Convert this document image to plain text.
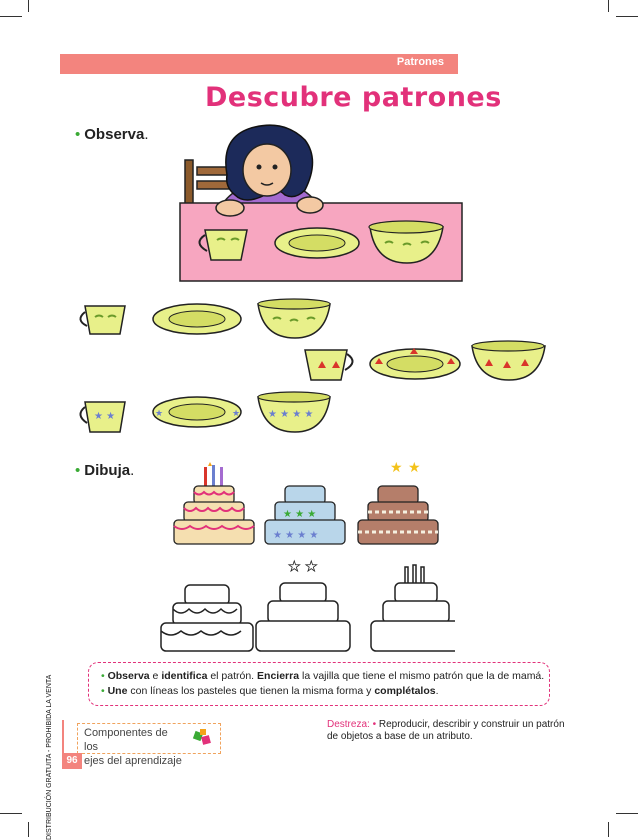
Patrones
Descubre patrones
• Observa.
★ ★	★	★	★ ★ ★ ★
• Dibuja.
★ ★ ★
★ ★ ★ ★
★ ★
★ ★
DISTRIBUCIÓN GRATUITA - PROHIBIDA LA VENTA	• Observa e identifica el patrón. Encierra la vajilla que tiene el mismo patrón que la de mamá.

• Une con líneas los pasteles que tienen la misma forma y complétalos.

Componentes de los
ejes del aprendizaje
96
Destreza: • Reproducir, describir y construir un patrón de objetos a base de un atributo.
